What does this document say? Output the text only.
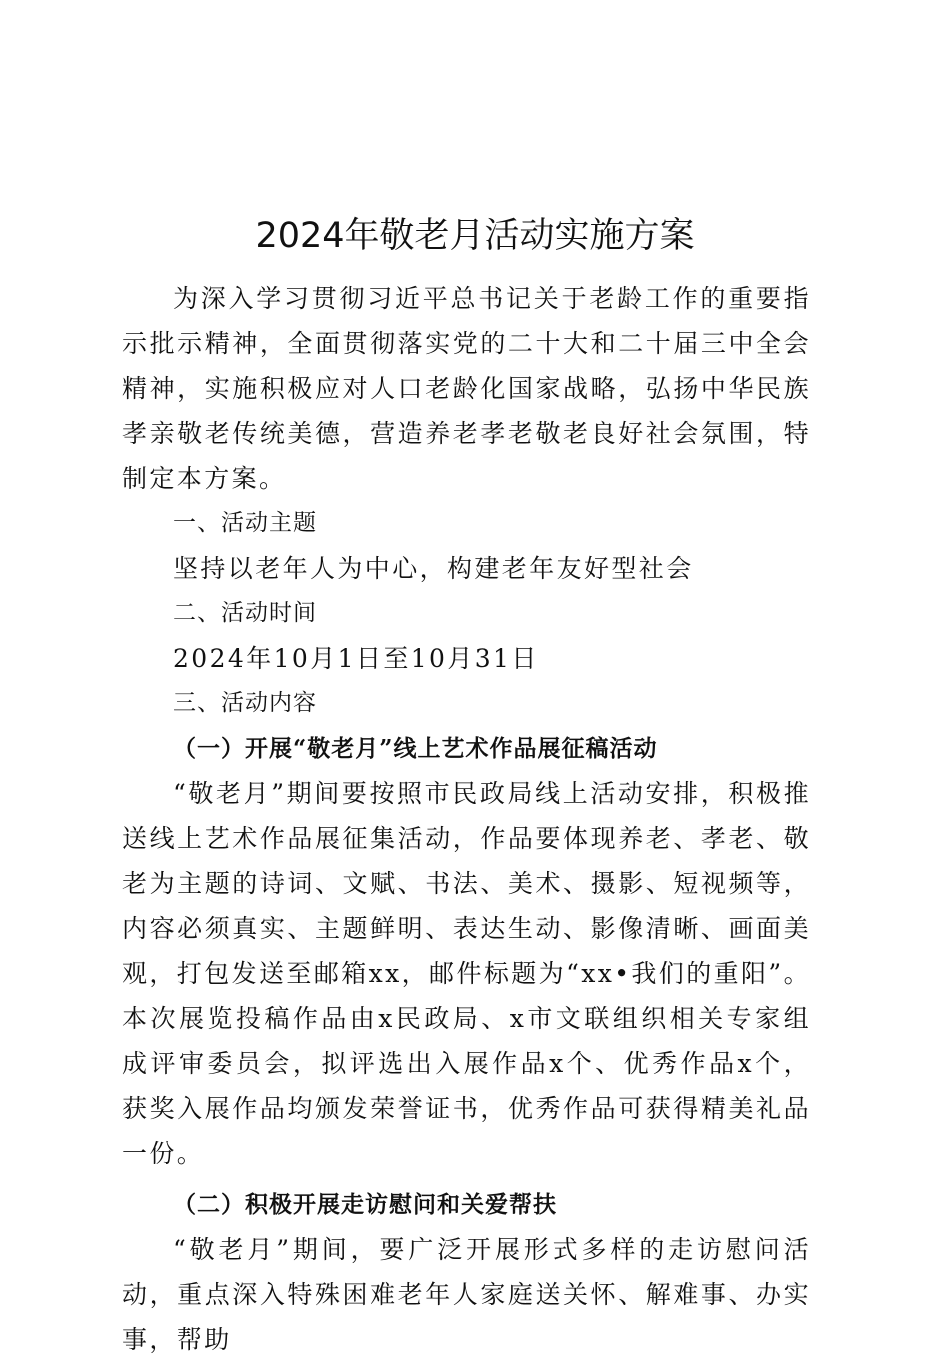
2024年敬老月活动实施方案

为深入学习贯彻习近平总书记关于老龄工作的重要指示批示精神，全面贯彻落实党的二十大和二十届三中全会精神，实施积极应对人口老龄化国家战略，弘扬中华民族孝亲敬老传统美德，营造养老孝老敬老良好社会氛围，特制定本方案。

一、活动主题

坚持以老年人为中心，构建老年友好型社会

二、活动时间

2024年10月1日至10月31日

三、活动内容

（一）开展“敬老月”线上艺术作品展征稿活动

“敬老月”期间要按照市民政局线上活动安排，积极推送线上艺术作品展征集活动，作品要体现养老、孝老、敬老为主题的诗词、文赋、书法、美术、摄影、短视频等，内容必须真实、主题鲜明、表达生动、影像清晰、画面美观，打包发送至邮箱xx，邮件标题为“xx•我们的重阳”。本次展览投稿作品由x民政局、x市文联组织相关专家组成评审委员会，拟评选出入展作品x个、优秀作品x个，获奖入展作品均颁发荣誉证书，优秀作品可获得精美礼品一份。

（二）积极开展走访慰问和关爱帮扶

“敬老月”期间，要广泛开展形式多样的走访慰问活动，重点深入特殊困难老年人家庭送关怀、解难事、办实事，帮助
